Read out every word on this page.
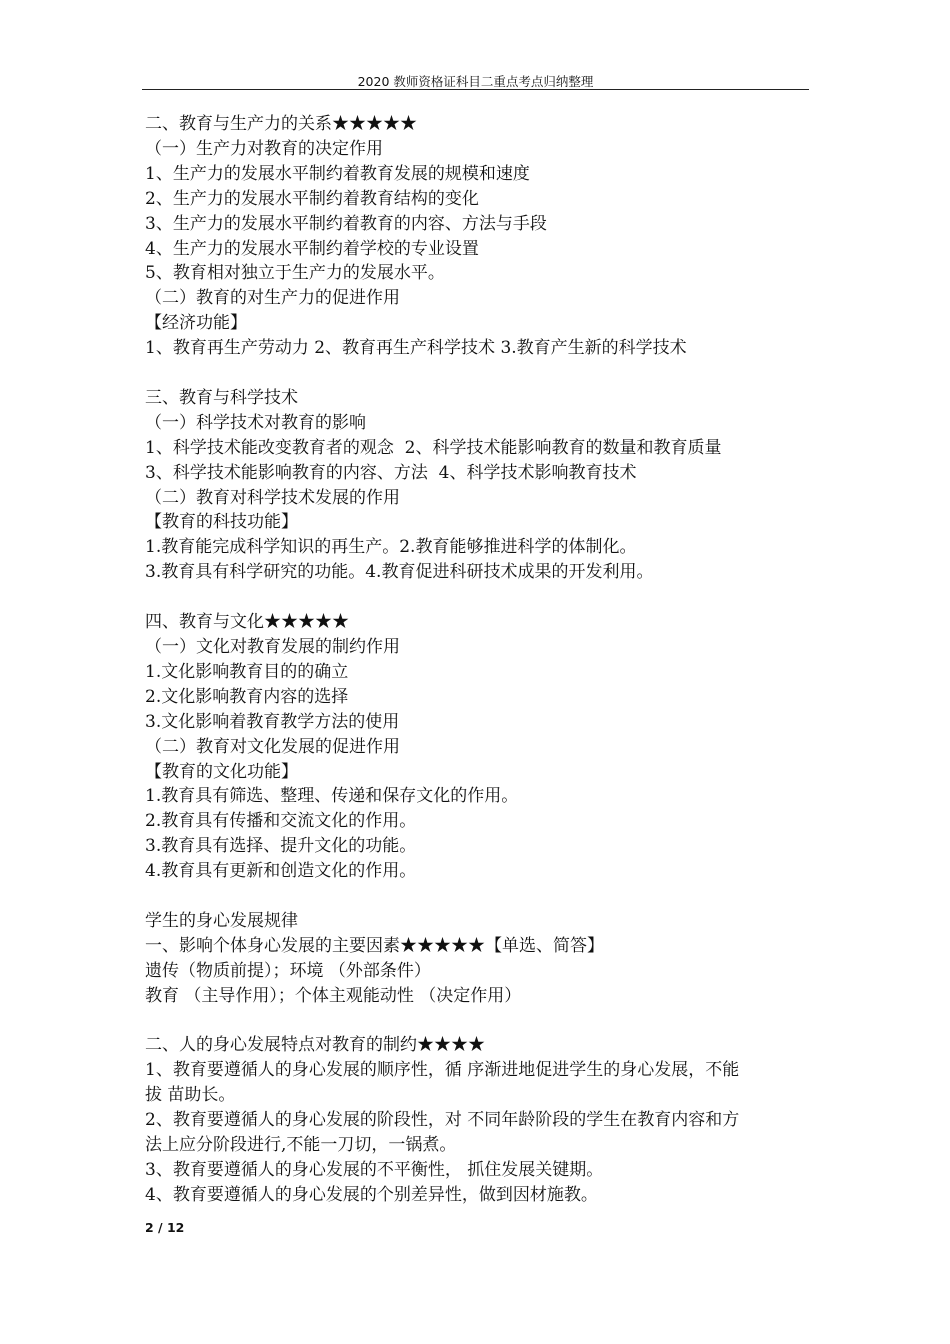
2020 教师资格证科目二重点考点归纳整理
二、教育与生产力的关系★★★★★
（一）生产力对教育的决定作用
1、生产力的发展水平制约着教育发展的规模和速度
2、生产力的发展水平制约着教育结构的变化
3、生产力的发展水平制约着教育的内容、方法与手段
4、生产力的发展水平制约着学校的专业设置
5、教育相对独立于生产力的发展水平。
（二）教育的对生产力的促进作用
【经济功能】
1、教育再生产劳动力 2、教育再生产科学技术 3.教育产生新的科学技术
三、教育与科学技术
（一）科学技术对教育的影响
1、科学技术能改变教育者的观念  2、科学技术能影响教育的数量和教育质量
3、科学技术能影响教育的内容、方法  4、科学技术影响教育技术
（二）教育对科学技术发展的作用
【教育的科技功能】
1.教育能完成科学知识的再生产。2.教育能够推进科学的体制化。
3.教育具有科学研究的功能。4.教育促进科研技术成果的开发利用。
四、教育与文化★★★★★
（一）文化对教育发展的制约作用
1.文化影响教育目的的确立
2.文化影响教育内容的选择
3.文化影响着教育教学方法的使用
（二）教育对文化发展的促进作用
【教育的文化功能】
1.教育具有筛选、整理、传递和保存文化的作用。
2.教育具有传播和交流文化的作用。
3.教育具有选择、提升文化的功能。
4.教育具有更新和创造文化的作用。
学生的身心发展规律
一、影响个体身心发展的主要因素★★★★★【单选、简答】
遗传（物质前提）；环境 （外部条件）
教育 （主导作用）；个体主观能动性 （决定作用）
二、人的身心发展特点对教育的制约★★★★
1、教育要遵循人的身心发展的顺序性，循 序渐进地促进学生的身心发展，不能
拔 苗助长。
2、教育要遵循人的身心发展的阶段性，对 不同年龄阶段的学生在教育内容和方
法上应分阶段进行,不能一刀切，一锅煮。
3、教育要遵循人的身心发展的不平衡性， 抓住发展关键期。
4、教育要遵循人的身心发展的个别差异性，做到因材施教。
2 / 12
